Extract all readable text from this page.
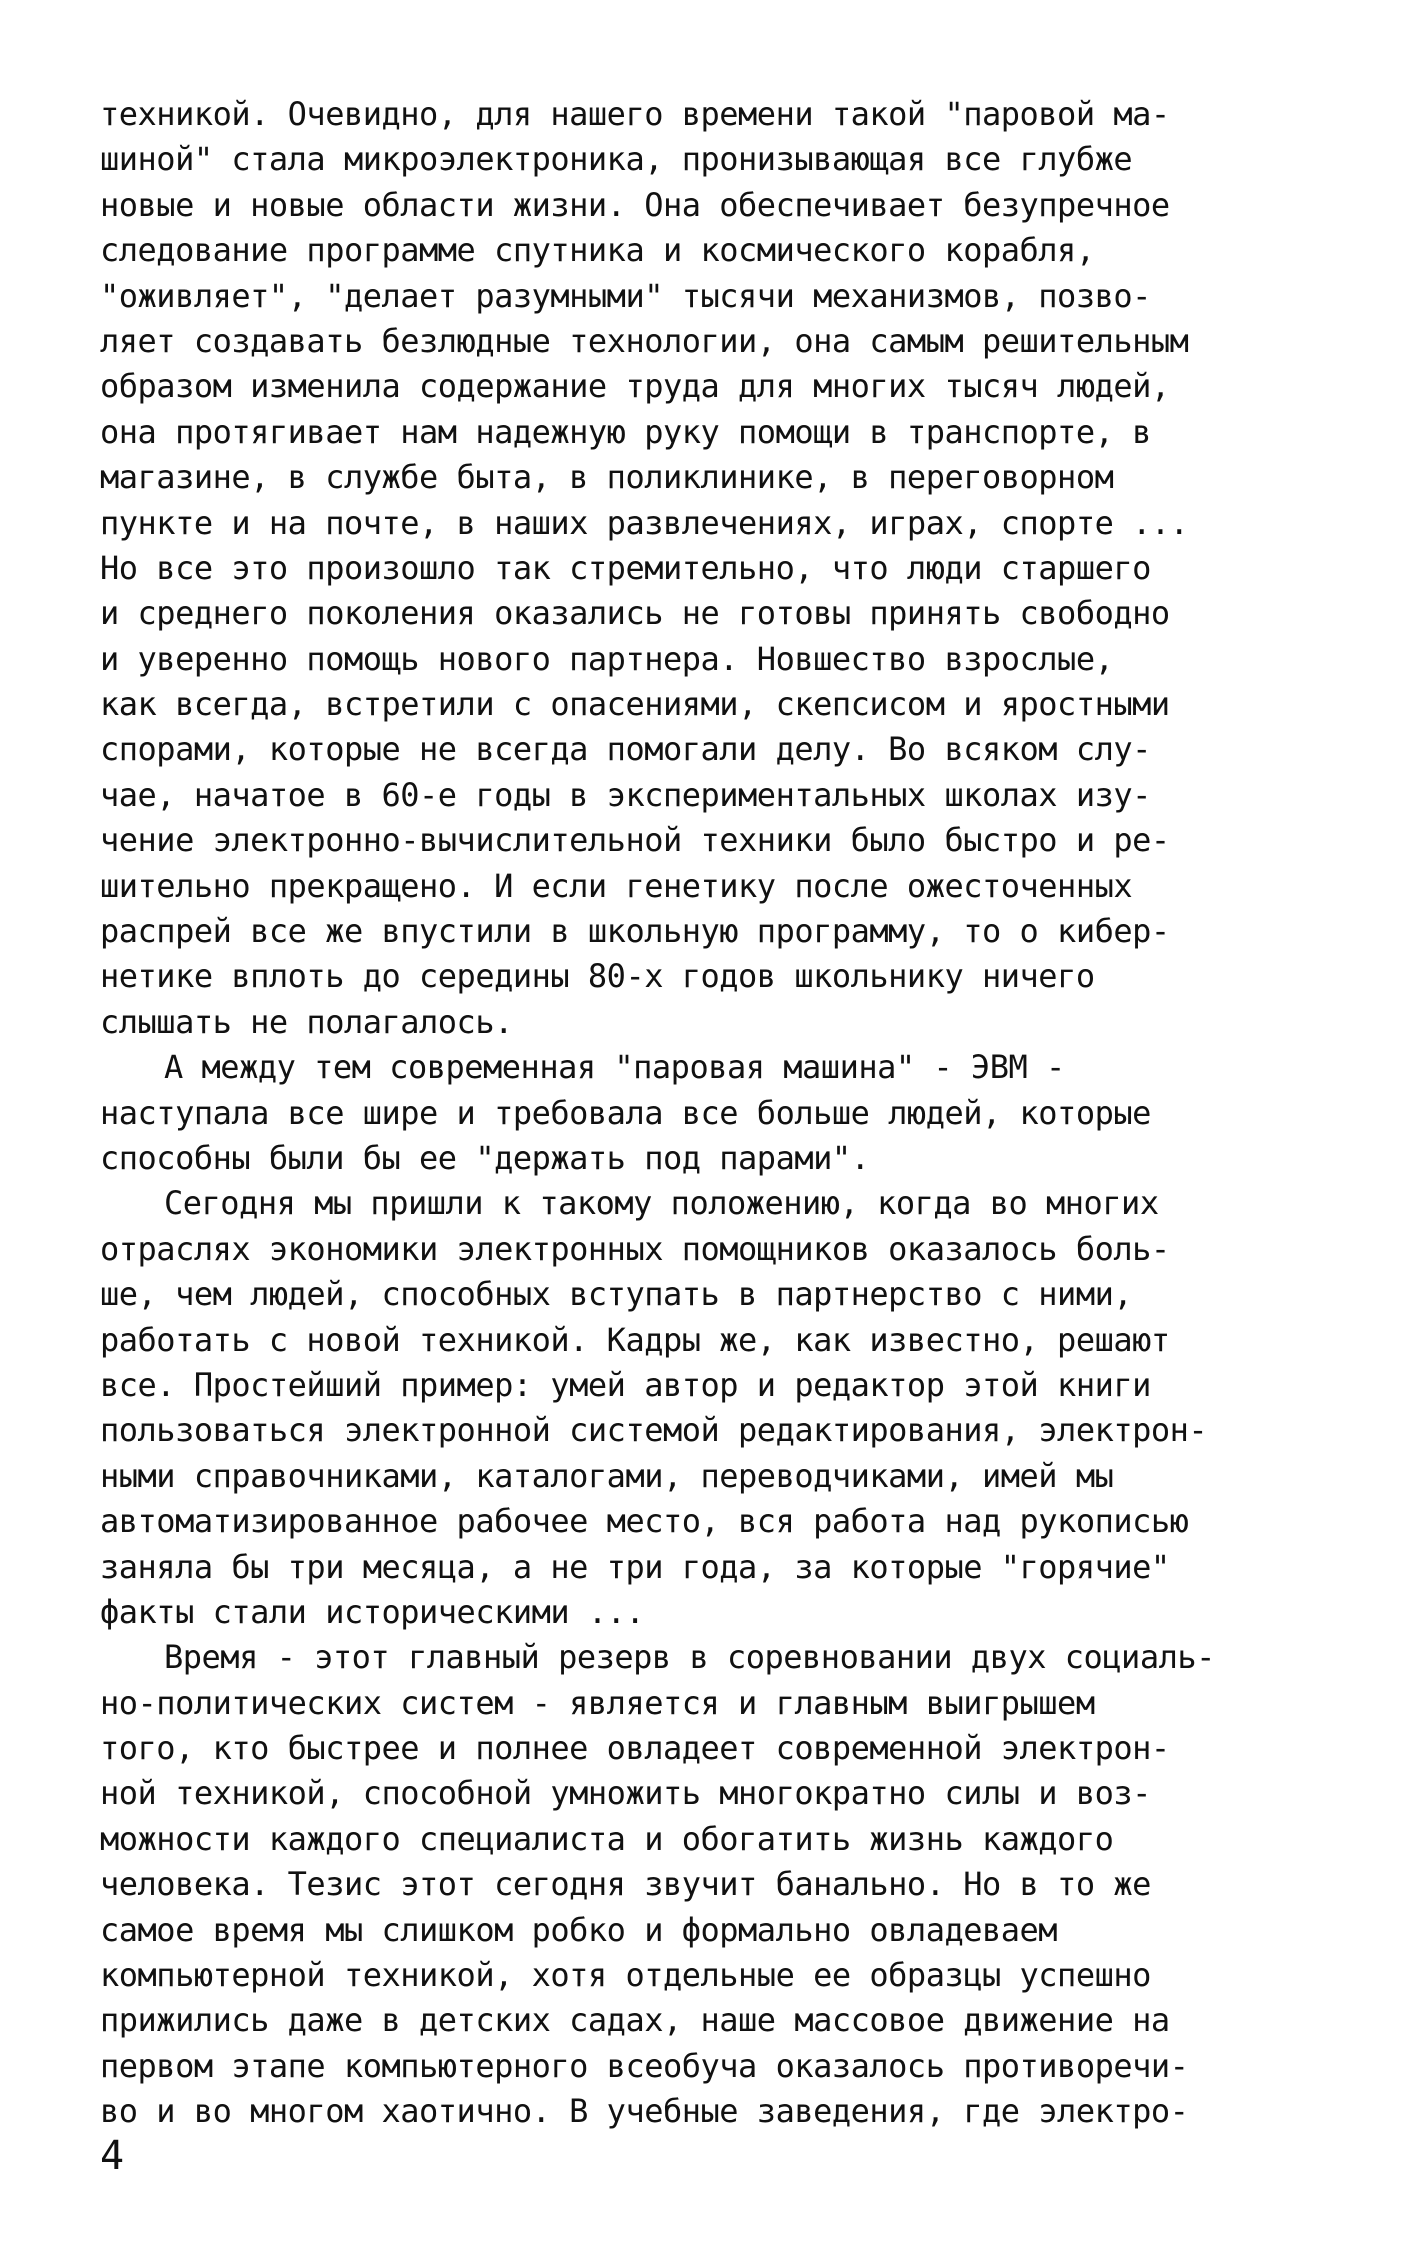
техникой. Очевидно, для нашего времени такой "паровой ма-
шиной" стала микроэлектроника, пронизывающая все глубже
новые и новые области жизни. Она обеспечивает безупречное
следование программе спутника и космического корабля,
"оживляет", "делает разумными" тысячи механизмов, позво-
ляет создавать безлюдные технологии, она самым решительным
образом изменила содержание труда для многих тысяч людей,
она протягивает нам надежную руку помощи в транспорте, в
магазине, в службе быта, в поликлинике, в переговорном
пункте и на почте, в наших развлечениях, играх, спорте ...
Но все это произошло так стремительно, что люди старшего
и среднего поколения оказались не готовы принять свободно
и уверенно помощь нового партнера. Новшество взрослые,
как всегда, встретили с опасениями, скепсисом и яростными
спорами, которые не всегда помогали делу. Во всяком слу-
чае, начатое в 60-е годы в экспериментальных школах изу-
чение электронно-вычислительной техники было быстро и ре-
шительно прекращено. И если генетику после ожесточенных
распрей все же впустили в школьную программу, то о кибер-
нетике вплоть до середины 80-х годов школьнику ничего
слышать не полагалось.
А между тем современная "паровая машина" - ЭВМ -
наступала все шире и требовала все больше людей, которые
способны были бы ее "держать под парами".
Сегодня мы пришли к такому положению, когда во многих
отраслях экономики электронных помощников оказалось боль-
ше, чем людей, способных вступать в партнерство с ними,
работать с новой техникой. Кадры же, как известно, решают
все. Простейший пример: умей автор и редактор этой книги
пользоваться электронной системой редактирования, электрон-
ными справочниками, каталогами, переводчиками, имей мы
автоматизированное рабочее место, вся работа над рукописью
заняла бы три месяца, а не три года, за которые "горячие"
факты стали историческими ...
Время - этот главный резерв в соревновании двух социаль-
но-политических систем - является и главным выигрышем
того, кто быстрее и полнее овладеет современной электрон-
ной техникой, способной умножить многократно силы и воз-
можности каждого специалиста и обогатить жизнь каждого
человека. Тезис этот сегодня звучит банально. Но в то же
самое время мы слишком робко и формально овладеваем
компьютерной техникой, хотя отдельные ее образцы успешно
прижились даже в детских садах, наше массовое движение на
первом этапе компьютерного всеобуча оказалось противоречи-
во и во многом хаотично. В учебные заведения, где электро-
4
